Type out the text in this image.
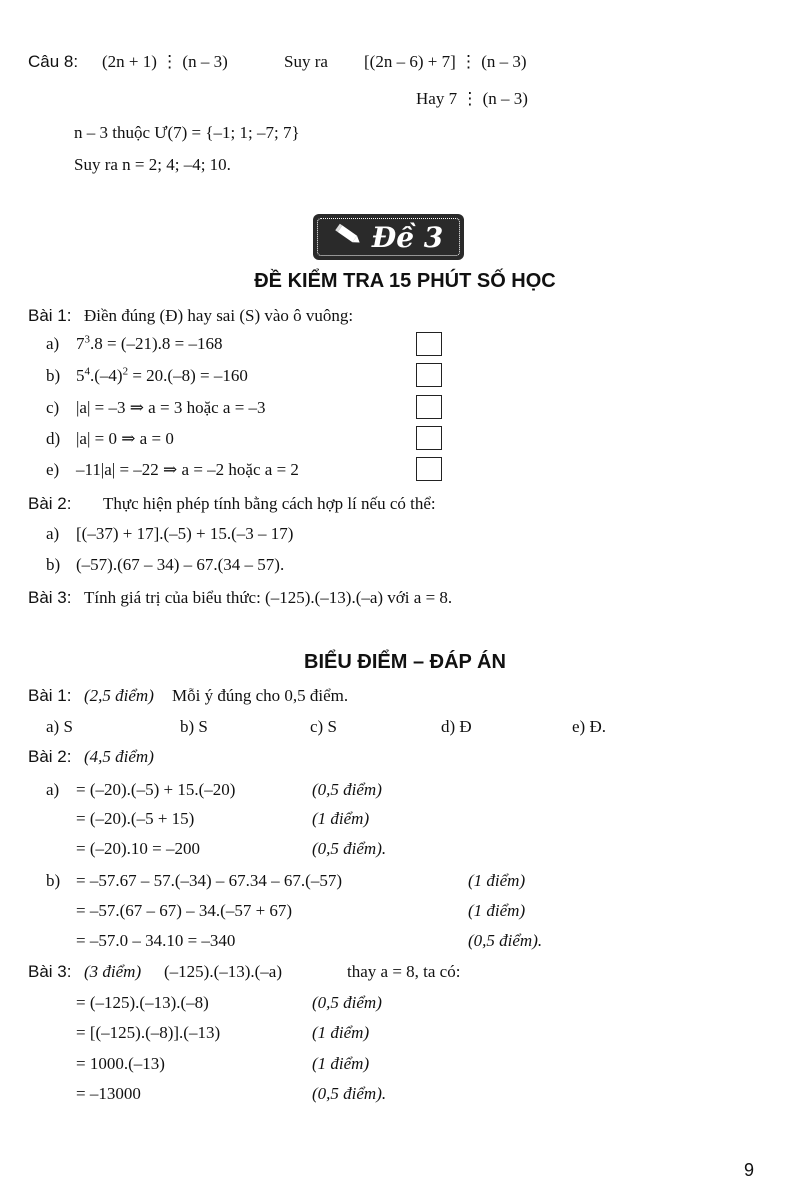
Câu 8: (2n + 1) ⋮ (n – 3)	Suy ra [(2n – 6) + 7] ⋮ (n – 3)
Hay 7 ⋮ (n – 3)
n – 3 thuộc Ư(7) = {–1; 1; –7; 7}
Suy ra n = 2; 4; –4; 10.
Đề 3
ĐỀ KIỂM TRA 15 PHÚT SỐ HỌC
Bài 1: Điền đúng (Đ) hay sai (S) vào ô vuông:
a) $7^3.8 = (-21).8 = -168$
b) $5^4.(-4)^2 = 20.(-8) = -160$
c) |a| = –3 ⇒ a = 3 hoặc a = –3
d) |a| = 0 ⇒ a = 0
e) –11|a| = –22 ⇒ a = –2 hoặc a = 2
Bài 2: Thực hiện phép tính bằng cách hợp lí nếu có thể:
a) [(–37) + 17].(–5) + 15.(–3 – 17)
b) (–57).(67 – 34) – 67.(34 – 57).
Bài 3: Tính giá trị của biểu thức: (–125).(–13).(–a) với a = 8.
BIỂU ĐIỂM – ĐÁP ÁN
Bài 1: (2,5 điểm) Mỗi ý đúng cho 0,5 điểm.
a) S	b) S	c) S	d) Đ	e) Đ.
Bài 2: (4,5 điểm)
a) = (–20).(–5) + 15.(–20)	(0,5 điểm)
= (–20).(–5 + 15)	(1 điểm)
= (–20).10 = –200	(0,5 điểm).
b) = –57.67 – 57.(–34) – 67.34 – 67.(–57)	(1 điểm)
= –57.(67 – 67) – 34.(–57 + 67)	(1 điểm)
= –57.0 – 34.10 = –340	(0,5 điểm).
Bài 3: (3 điểm) (–125).(–13).(–a)	thay a = 8, ta có:
= (–125).(–13).(–8)	(0,5 điểm)
= [(–125).(–8)].(–13)	(1 điểm)
= 1000.(–13)	(1 điểm)
= –13000	(0,5 điểm).
9
